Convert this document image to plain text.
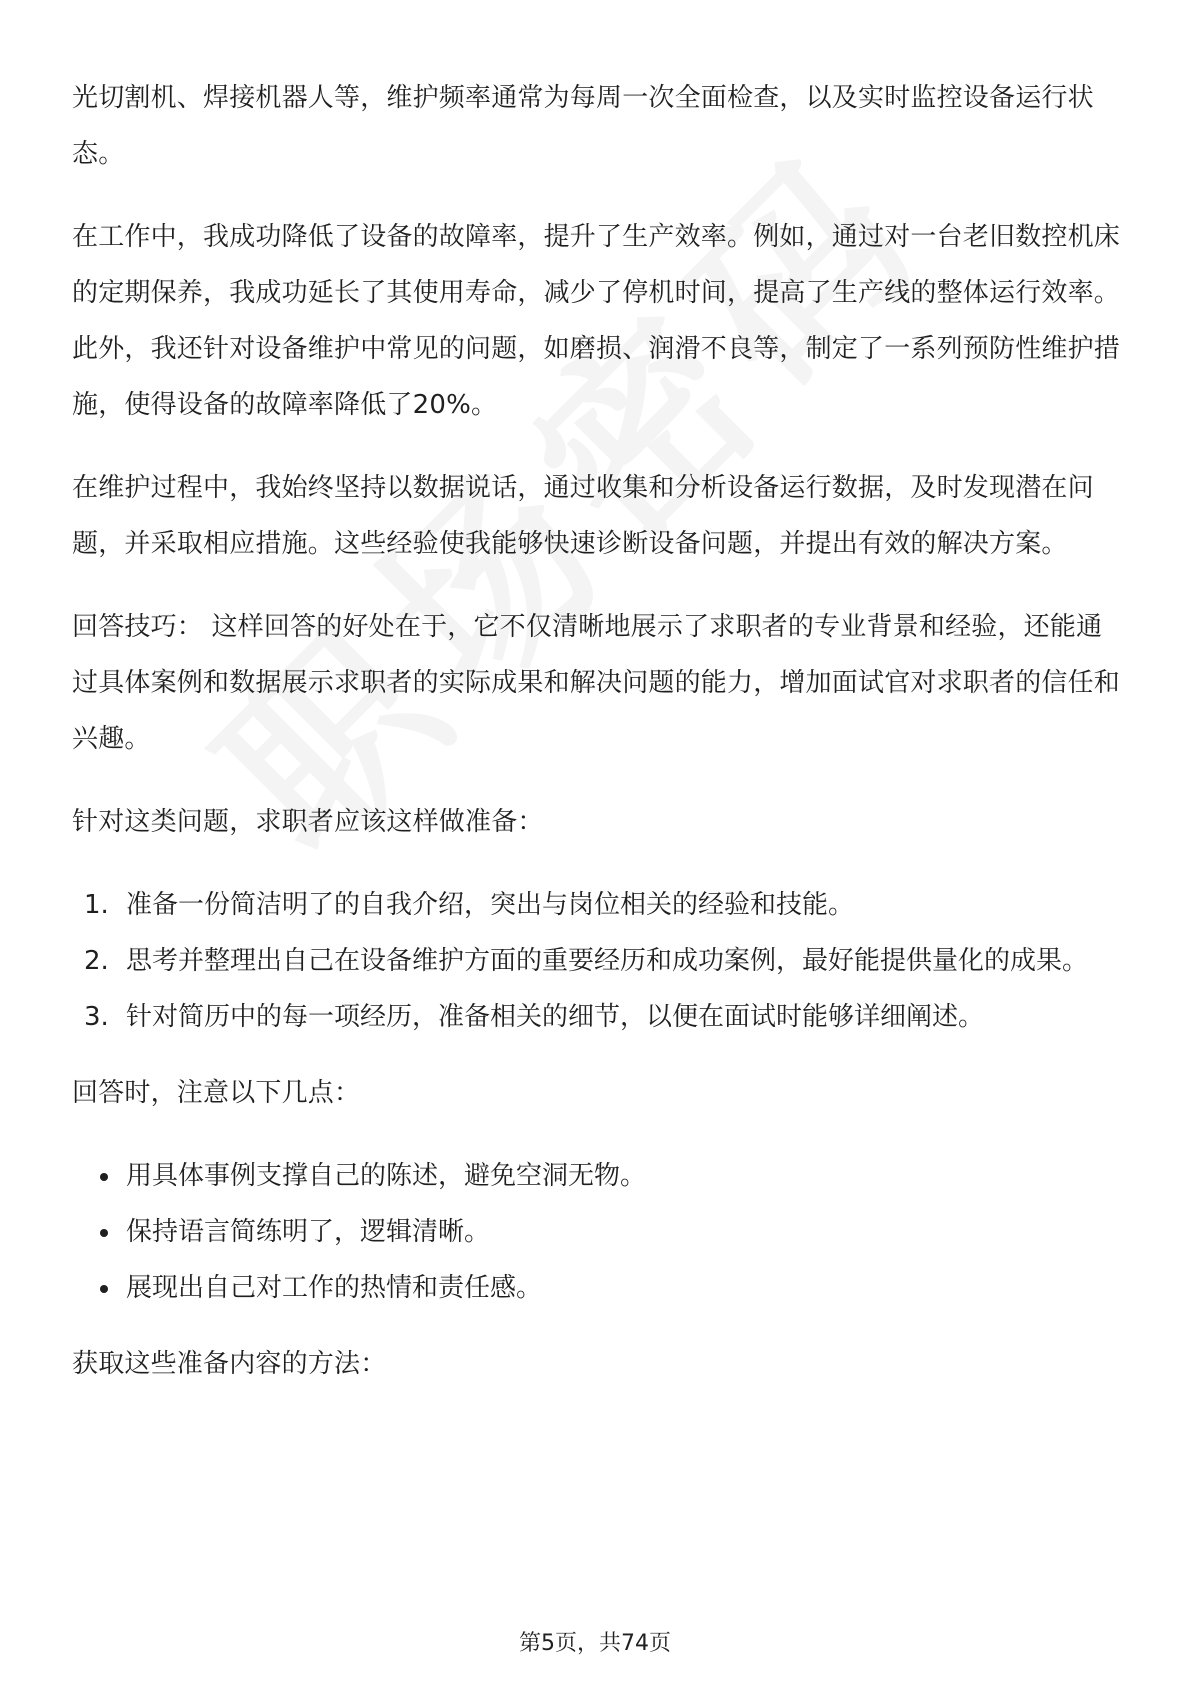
光切割机、焊接机器人等，维护频率通常为每周一次全面检查，以及实时监控设备运行状态。

在工作中，我成功降低了设备的故障率，提升了生产效率。例如，通过对一台老旧数控机床的定期保养，我成功延长了其使用寿命，减少了停机时间，提高了生产线的整体运行效率。此外，我还针对设备维护中常见的问题，如磨损、润滑不良等，制定了一系列预防性维护措施，使得设备的故障率降低了20%。

在维护过程中，我始终坚持以数据说话，通过收集和分析设备运行数据，及时发现潜在问题，并采取相应措施。这些经验使我能够快速诊断设备问题，并提出有效的解决方案。

回答技巧： 这样回答的好处在于，它不仅清晰地展示了求职者的专业背景和经验，还能通过具体案例和数据展示求职者的实际成果和解决问题的能力，增加面试官对求职者的信任和兴趣。

针对这类问题，求职者应该这样做准备：

1. 准备一份简洁明了的自我介绍，突出与岗位相关的经验和技能。
2. 思考并整理出自己在设备维护方面的重要经历和成功案例，最好能提供量化的成果。
3. 针对简历中的每一项经历，准备相关的细节，以便在面试时能够详细阐述。

回答时，注意以下几点：

用具体事例支撑自己的陈述，避免空洞无物。
保持语言简练明了，逻辑清晰。
展现出自己对工作的热情和责任感。

获取这些准备内容的方法：

第5页，共74页
